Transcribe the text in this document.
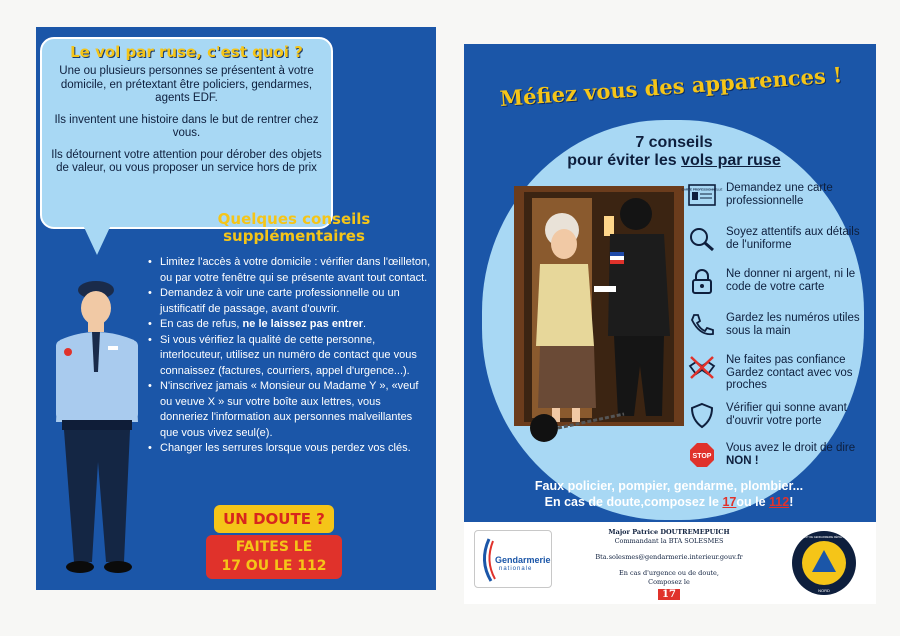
Le vol par ruse, c'est quoi ?

Une ou plusieurs personnes se présentent à votre domicile, en prétextant être policiers, gendarmes, agents EDF.

Ils inventent une histoire dans le but de rentrer chez vous.

Ils détournent votre attention pour dérober des objets de valeur, ou vous proposer un service hors de prix

Quelques conseils supplémentaires
• Limitez l'accès à votre domicile : vérifier dans l'œilleton, ou par votre fenêtre qui se présente avant tout contact.
• Demandez à voir une carte professionnelle ou un justificatif de passage, avant d'ouvrir.
• En cas de refus, ne le laissez pas entrer.
• Si vous vérifiez la qualité de cette personne, interlocuteur, utilisez un numéro de contact que vous connaissez (factures, courriers, appel d'urgence...).
• N'inscrivez jamais « Monsieur ou Madame Y », «veuf ou veuve X » sur votre boîte aux lettres, vous donneriez l'information aux personnes malveillantes que vous vivez seul(e).
• Changer les serrures lorsque vous perdez vos clés.
UN DOUTE ?
FAITES LE
17 OU LE 112
Méfiez vous des apparences !
7 conseils
pour éviter les vols par ruse
CARTE PROFESSIONNELLE Demandez une carte professionnelle
Soyez attentifs aux détails de l'uniforme
Ne donner ni argent, ni le code de votre carte
Gardez les numéros utiles sous la main
Ne faites pas confiance Gardez contact avec vos proches
Vérifier qui sonne avant d'ouvrir votre porte
STOP
Vous avez le droit de dire NON !
Faux policier, pompier, gendarme, plombier...
En cas de doute,composez le 17ou le 112!
Gendarmerie
nationale
Major Patrice DOUTREMEPUICH
Commandant la BTA SOLESMES
Bta.solesmes@gendarmerie.interieur.gouv.fr
En cas d'urgence ou de doute,
Composez le
17
GROUPEMENT DE GENDARMERIE DÉPARTEMENTALE
NORD
